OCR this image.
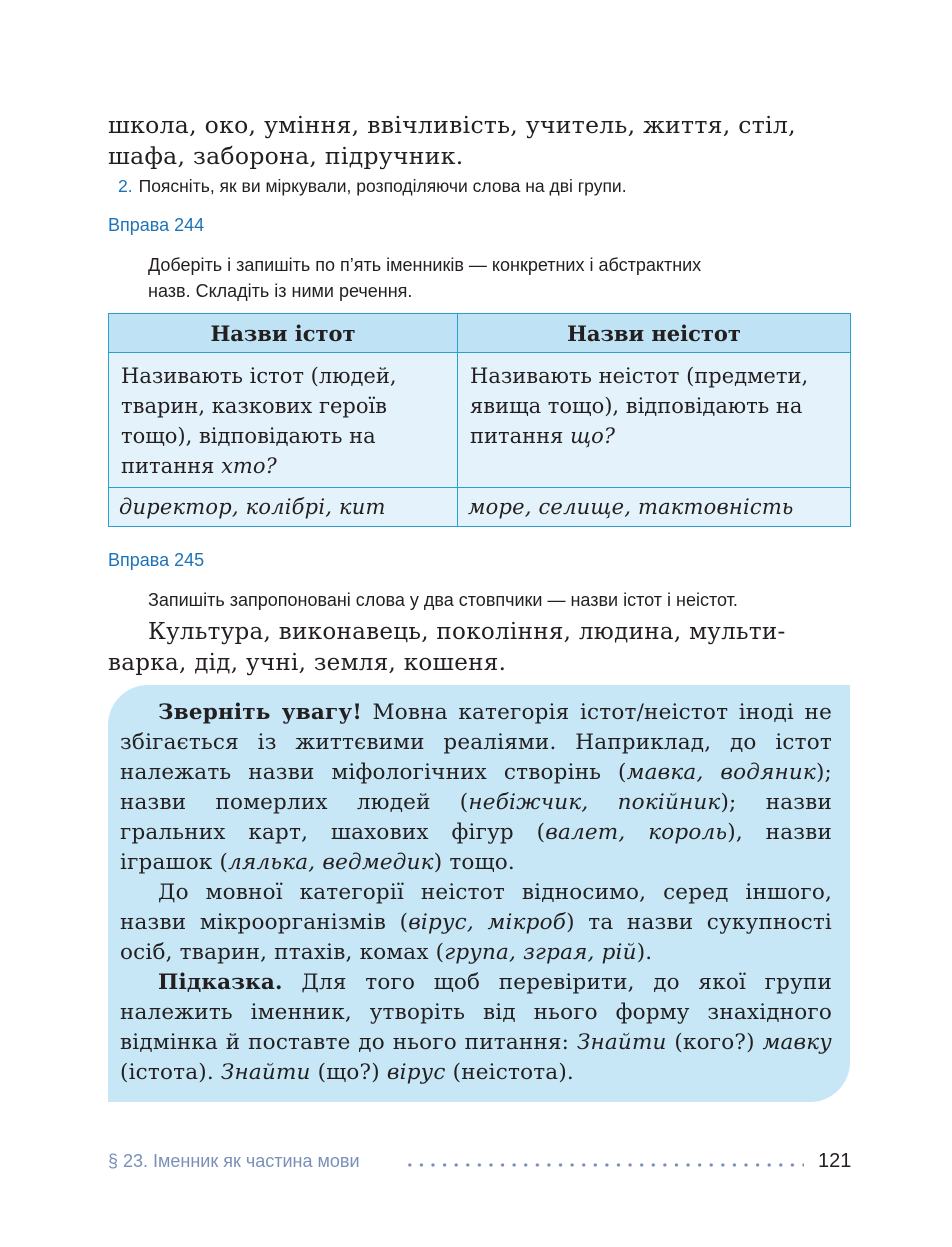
школа, око, уміння, ввічливість, учитель, життя, стіл,
шафа, заборона, підручник.
2. Поясніть, як ви міркували, розподіляючи слова на дві групи.
Вправа 244
Доберіть і запишіть по п’ять іменників — конкретних і абстрактних
назв. Складіть із ними речення.
Назви істот	Назви неістот
Називають істот (людей, тварин, казкових героїв тощо), відповідають на питання хто?	Називають неістот (предмети, явища тощо), відповідають на питання що?
директор, колібрі, кит	море, селище, тактовність
Вправа 245
Запишіть запропоновані слова у два стовпчики — назви істот і неістот.
Культура, виконавець, покоління, людина, мульти-
варка, дід, учні, земля, кошеня.

Зверніть увагу! Мовна категорія істот/неістот іноді не збігається із життєвими реаліями. Наприклад, до істот належать назви міфологічних створінь (мавка, водяник); назви померлих людей (небіжчик, покійник); назви гральних карт, шахових фігур (валет, король), назви іграшок (лялька, ведмедик) тощо.

До мовної категорії неістот відносимо, серед іншого, назви мікроорганізмів (вірус, мікроб) та назви сукупності осіб, тварин, птахів, комах (група, зграя, рій).

Підказка. Для того щоб перевірити, до якої групи належить іменник, утворіть від нього форму знахідного відмінка й поставте до нього питання: Знайти (кого?) мавку (істота). Знайти (що?) вірус (неістота).

§ 23. Іменник як частина мови	121
